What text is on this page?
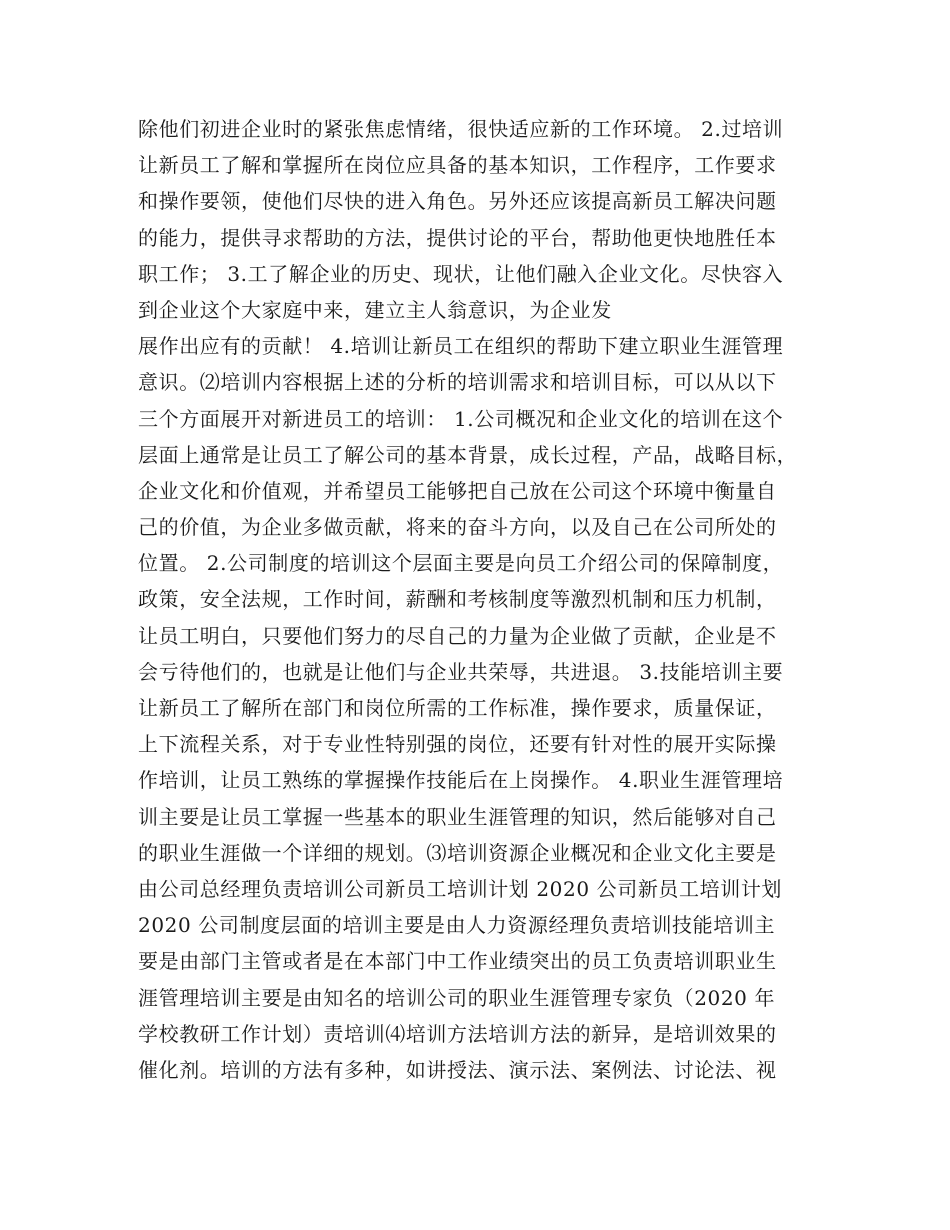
除他们初进企业时的紧张焦虑情绪，很快适应新的工作环境。 2.过培训
让新员工了解和掌握所在岗位应具备的基本知识，工作程序，工作要求
和操作要领，使他们尽快的进入角色。另外还应该提高新员工解决问题
的能力，提供寻求帮助的方法，提供讨论的平台，帮助他更快地胜任本
职工作； 3.工了解企业的历史、现状，让他们融入企业文化。尽快容入
到企业这个大家庭中来，建立主人翁意识，为企业发
展作出应有的贡献！ 4.培训让新员工在组织的帮助下建立职业生涯管理
意识。⑵培训内容根据上述的分析的培训需求和培训目标，可以从以下
三个方面展开对新进员工的培训： 1.公司概况和企业文化的培训在这个
层面上通常是让员工了解公司的基本背景，成长过程，产品，战略目标，
企业文化和价值观，并希望员工能够把自己放在公司这个环境中衡量自
己的价值，为企业多做贡献，将来的奋斗方向，以及自己在公司所处的
位置。 2.公司制度的培训这个层面主要是向员工介绍公司的保障制度，
政策，安全法规，工作时间，薪酬和考核制度等激烈机制和压力机制，
让员工明白，只要他们努力的尽自己的力量为企业做了贡献，企业是不
会亏待他们的，也就是让他们与企业共荣辱，共进退。 3.技能培训主要
让新员工了解所在部门和岗位所需的工作标准，操作要求，质量保证，
上下流程关系，对于专业性特别强的岗位，还要有针对性的展开实际操
作培训，让员工熟练的掌握操作技能后在上岗操作。 4.职业生涯管理培
训主要是让员工掌握一些基本的职业生涯管理的知识，然后能够对自己
的职业生涯做一个详细的规划。⑶培训资源企业概况和企业文化主要是
由公司总经理负责培训公司新员工培训计划 2020 公司新员工培训计划
2020 公司制度层面的培训主要是由人力资源经理负责培训技能培训主
要是由部门主管或者是在本部门中工作业绩突出的员工负责培训职业生
涯管理培训主要是由知名的培训公司的职业生涯管理专家负（2020 年
学校教研工作计划）责培训⑷培训方法培训方法的新异，是培训效果的
催化剂。培训的方法有多种，如讲授法、演示法、案例法、讨论法、视
